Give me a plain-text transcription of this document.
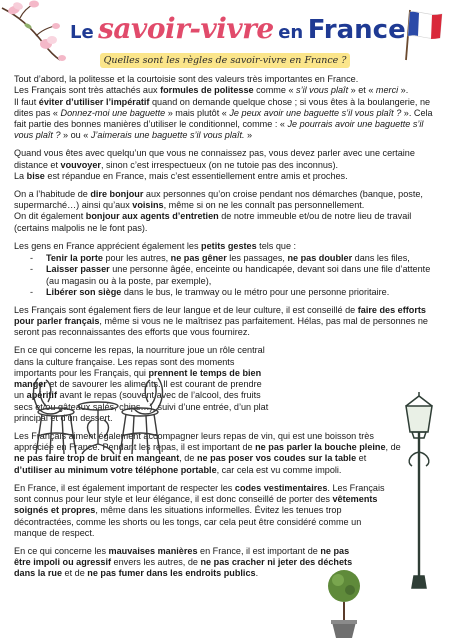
Le savoir-vivre en France
Quelles sont les règles de savoir-vivre en France ?

Tout d’abord, la politesse et la courtoisie sont des valeurs très importantes en France.
Les Français sont très attachés aux formules de politesse comme « s’il vous plaît » et « merci ».
Il faut éviter d’utiliser l’impératif quand on demande quelque chose ; si vous êtes à la boulangerie, ne dites pas « Donnez-moi une baguette » mais plutôt « Je peux avoir une baguette s’il vous plaît ? ». Cela fait partie des bonnes manières d’utiliser le conditionnel, comme : « Je pourrais avoir une baguette s’il vous plaît ? » ou « J’aimerais une baguette s’il vous plaît. »

Quand vous êtes avec quelqu’un que vous ne connaissez pas, vous devez parler avec une certaine distance et vouvoyer, sinon c’est irrespectueux (on ne tutoie pas des inconnus).
La bise est répandue en France, mais c’est essentiellement entre amis et proches.

On a l’habitude de dire bonjour aux personnes qu’on croise pendant nos démarches (banque, poste, supermarché…) ainsi qu’aux voisins, même si on ne les connaît pas personnellement.
On dit également bonjour aux agents d’entretien de notre immeuble et/ou de notre lieu de travail (certains malpolis ne le font pas).

Les gens en France apprécient également les petits gestes tels que :

- Tenir la porte pour les autres, ne pas gêner les passages, ne pas doubler dans les files,
- Laisser passer une personne âgée, enceinte ou handicapée, devant soi dans une file d’attente (au magasin ou à la poste, par exemple),
- Libérer son siège dans le bus, le tramway ou le métro pour une personne prioritaire.

Les Français sont également fiers de leur langue et de leur culture, il est conseillé de faire des efforts pour parler français, même si vous ne le maîtrisez pas parfaitement. Hélas, pas mal de personnes ne seront pas reconnaissantes des efforts que vous fournirez.

En ce qui concerne les repas, la nourriture joue un rôle central dans la culture française. Les repas sont des moments importants pour les Français, qui prennent le temps de bien manger et de savourer les aliments. Il est courant de prendre un apéritif avant le repas (souvent avec de l’alcool, des fruits secs et/ou gâteaux salés, chips…), suivi d’une entrée, d’un plat principal et d’un dessert.

Les Français aiment également accompagner leurs repas de vin, qui est une boisson très appréciée en France. Pendant les repas, il est important de ne pas parler la bouche pleine, de ne pas faire trop de bruit en mangeant, de ne pas poser vos coudes sur la table et d’utiliser au minimum votre téléphone portable, car cela est vu comme impoli.

En France, il est également important de respecter les codes vestimentaires. Les Français sont connus pour leur style et leur élégance, il est donc conseillé de porter des vêtements soignés et propres, même dans les situations informelles. Évitez les tenues trop décontractées, comme les shorts ou les tongs, car cela peut être considéré comme un manque de respect.

En ce qui concerne les mauvaises manières en France, il est important de ne pas être impoli ou agressif envers les autres, de ne pas cracher ni jeter des déchets dans la rue et de ne pas fumer dans les endroits publics.
